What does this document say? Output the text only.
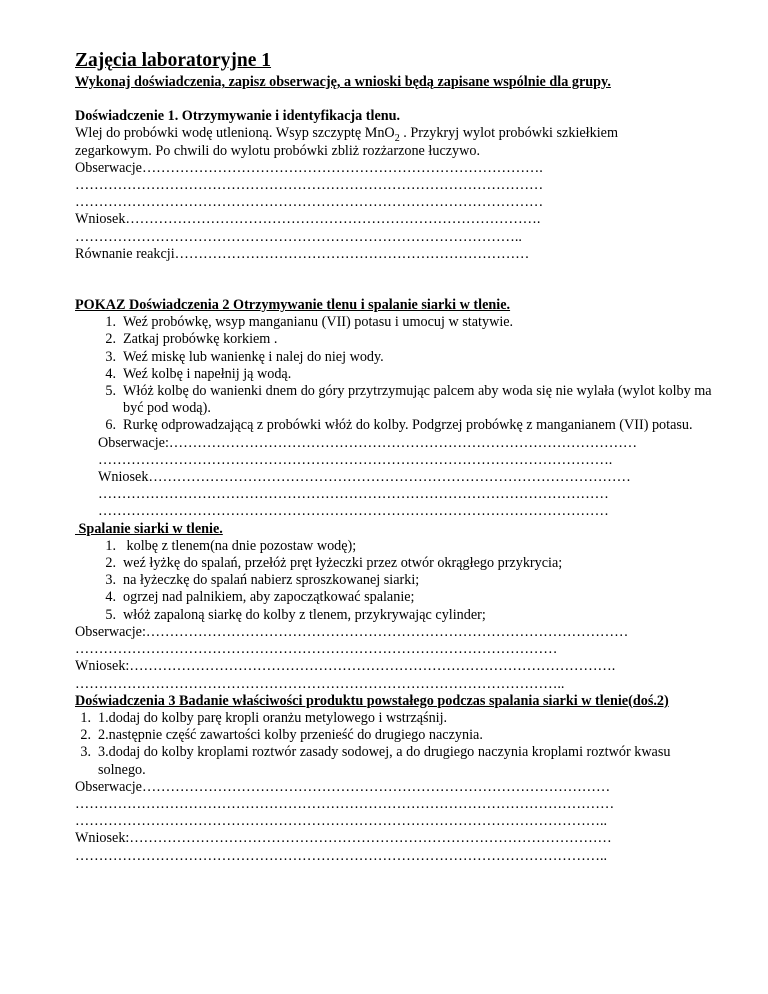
Zajęcia laboratoryjne 1
Wykonaj doświadczenia, zapisz obserwację, a wnioski będą zapisane wspólnie dla grupy.
Doświadczenie 1. Otrzymywanie i identyfikacja tlenu.
Wlej do probówki wodę utlenioną. Wsyp szczyptę MnO$_2$ . Przykryj wylot probówki szkiełkiem
zegarkowym. Po chwili do wylotu probówki zbliż rozżarzone łuczywo.
Obserwacje………………………………………………………………………….
………………………………………………………………………………………
………………………………………………………………………………………
Wniosek…………………………………………………………………………….
…………………………………………………………………………………..
Równanie reakcji…………………………………………………………………
POKAZ Doświadczenia 2 Otrzymywanie tlenu i spalanie siarki w tlenie.
1. Weź probówkę, wsyp manganianu (VII) potasu i umocuj w statywie.
2. Zatkaj probówkę korkiem .
3. Weź miskę lub wanienkę i nalej do niej wody.
4. Weź kolbę i napełnij ją wodą.
5. Włóż kolbę do wanienki dnem do góry przytrzymując palcem aby woda się nie wylała (wylot kolby ma być pod wodą).
6. Rurkę odprowadzającą z probówki włóż do kolby. Podgrzej probówkę z manganianem (VII) potasu.
Obserwacje:………………………………………………………………………………………
……………………………………………………………………………………………….
Wniosek…………………………………………………………………………………………
………………………………………………………………………………………………
………………………………………………………………………………………………
Spalanie siarki w tlenie.
1. kolbę z tlenem(na dnie pozostaw wodę);
2. weź łyżkę do spalań, przełóż pręt łyżeczki przez otwór okrągłego przykrycia;
3. na łyżeczkę do spalań nabierz sproszkowanej siarki;
4. ogrzej nad palnikiem, aby zapoczątkować spalanie;
5. włóż zapaloną siarkę do kolby z tlenem, przykrywając cylinder;
Obserwacje:…………………………………………………………………………………………
…………………………………………………………………………………………
Wniosek:………………………………………………………………………………………….
…………………………………………………………………………………………..
Doświadczenia 3 Badanie właściwości produktu powstałego podczas spalania siarki w tlenie(doś.2)
1. 1.dodaj do kolby parę kropli oranżu metylowego i wstrząśnij.
2. 2.następnie część zawartości kolby przenieść do drugiego naczynia.
3. 3.dodaj do kolby kroplami roztwór zasady sodowej, a do drugiego naczynia kroplami roztwór kwasu solnego.
Obserwacje………………………………………………………………………………………
……………………………………………………………………………………………………
…………………………………………………………………………………………………..
Wniosek:…………………………………………………………………………………………
…………………………………………………………………………………………………..
